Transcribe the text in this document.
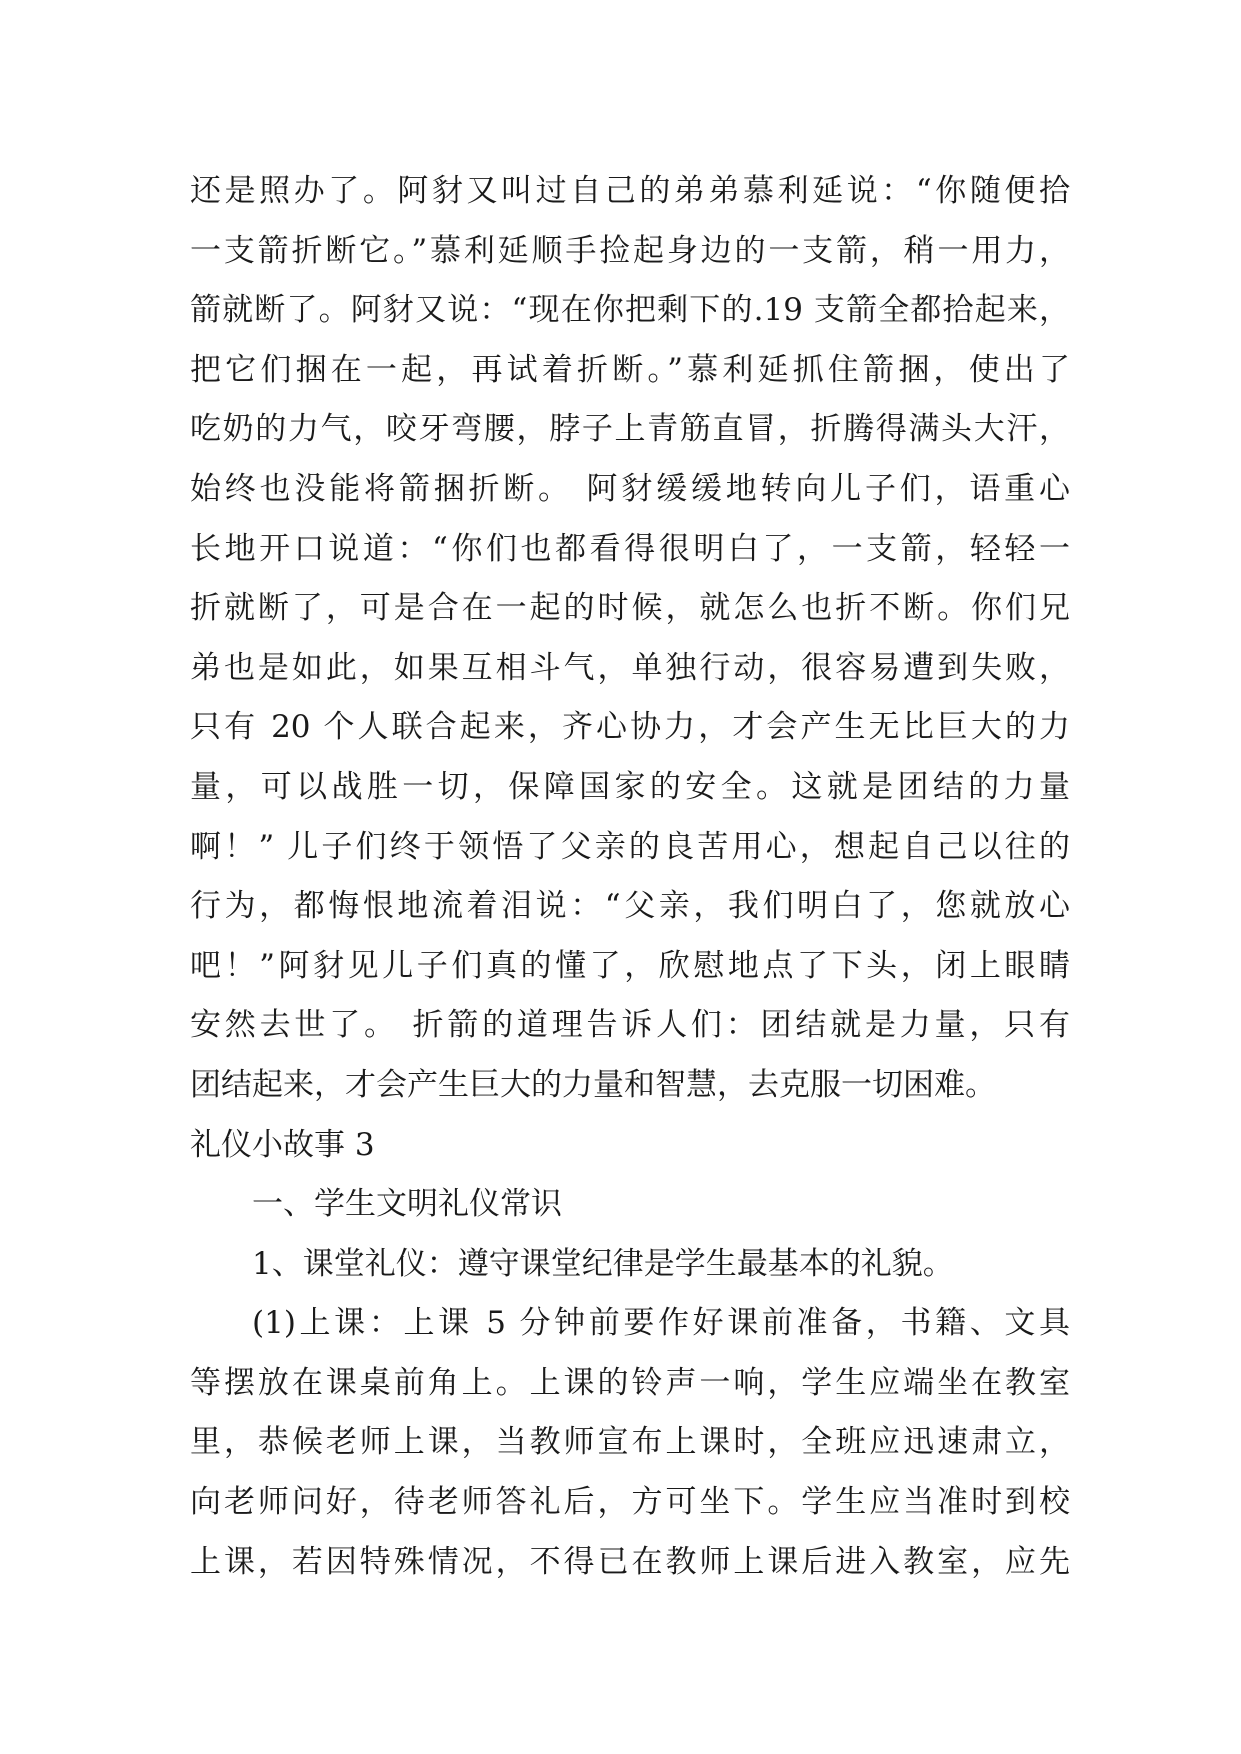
还是照办了。阿豺又叫过自己的弟弟慕利延说：“你随便拾
一支箭折断它。”慕利延顺手捡起身边的一支箭，稍一用力，
箭就断了。阿豺又说：“现在你把剩下的.19 支箭全都拾起来，
把它们捆在一起，再试着折断。”慕利延抓住箭捆，使出了
吃奶的力气，咬牙弯腰，脖子上青筋直冒，折腾得满头大汗，
始终也没能将箭捆折断。 阿豺缓缓地转向儿子们，语重心
长地开口说道：“你们也都看得很明白了，一支箭，轻轻一
折就断了，可是合在一起的时候，就怎么也折不断。你们兄
弟也是如此，如果互相斗气，单独行动，很容易遭到失败，
只有 20 个人联合起来，齐心协力，才会产生无比巨大的力
量，可以战胜一切，保障国家的安全。这就是团结的力量
啊！” 儿子们终于领悟了父亲的良苦用心，想起自己以往的
行为，都悔恨地流着泪说：“父亲，我们明白了，您就放心
吧！”阿豺见儿子们真的懂了，欣慰地点了下头，闭上眼睛
安然去世了。 折箭的道理告诉人们：团结就是力量，只有
团结起来，才会产生巨大的力量和智慧，去克服一切困难。
礼仪小故事 3
一、学生文明礼仪常识
1、课堂礼仪：遵守课堂纪律是学生最基本的礼貌。
(1)上课：上课 5 分钟前要作好课前准备，书籍、文具
等摆放在课桌前角上。上课的铃声一响，学生应端坐在教室
里，恭候老师上课，当教师宣布上课时，全班应迅速肃立，
向老师问好，待老师答礼后，方可坐下。学生应当准时到校
上课，若因特殊情况，不得已在教师上课后进入教室，应先
